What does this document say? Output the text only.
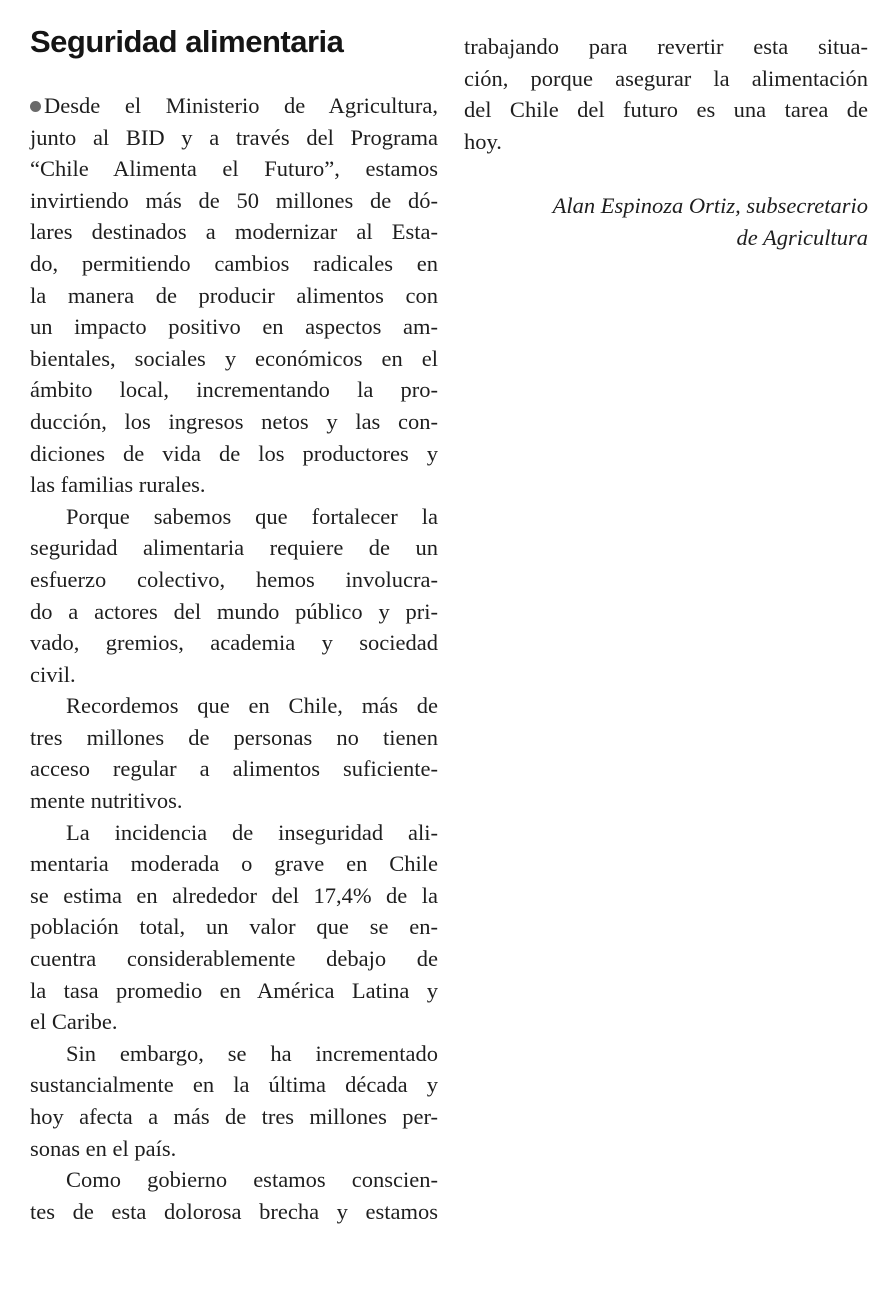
Seguridad alimentaria
Desde el Ministerio de Agricultura,
junto al BID y a través del Programa
“Chile Alimenta el Futuro”, estamos
invirtiendo más de 50 millones de dó-
lares destinados a modernizar al Esta-
do, permitiendo cambios radicales en
la manera de producir alimentos con
un impacto positivo en aspectos am-
bientales, sociales y económicos en el
ámbito local, incrementando la pro-
ducción, los ingresos netos y las con-
diciones de vida de los productores y
las familias rurales.
Porque sabemos que fortalecer la
seguridad alimentaria requiere de un
esfuerzo colectivo, hemos involucra-
do a actores del mundo público y pri-
vado, gremios, academia y sociedad
civil.
Recordemos que en Chile, más de
tres millones de personas no tienen
acceso regular a alimentos suficiente-
mente nutritivos.
La incidencia de inseguridad ali-
mentaria moderada o grave en Chile
se estima en alrededor del 17,4% de la
población total, un valor que se en-
cuentra considerablemente debajo de
la tasa promedio en América Latina y
el Caribe.
Sin embargo, se ha incrementado
sustancialmente en la última década y
hoy afecta a más de tres millones per-
sonas en el país.
Como gobierno estamos conscien-
tes de esta dolorosa brecha y estamos
trabajando para revertir esta situa-
ción, porque asegurar la alimentación
del Chile del futuro es una tarea de
hoy.
Alan Espinoza Ortiz, subsecretario
de Agricultura
